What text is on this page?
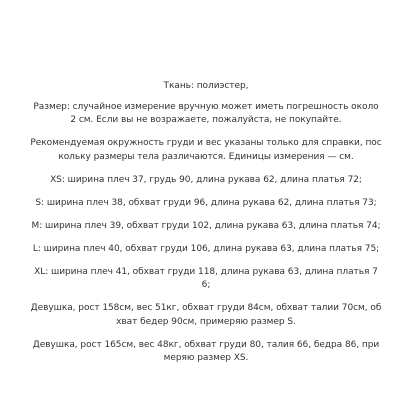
Ткань: полиэстер,

Размер: случайное измерение вручную может иметь погрешность около 2 см. Если вы не возражаете, пожалуйста, не покупайте.

Рекомендуемая окружность груди и вес указаны только для справки, поскольку размеры тела различаются. Единицы измерения — см.

XS: ширина плеч 37, грудь 90, длина рукава 62, длина платья 72;

S: ширина плеч 38, обхват груди 96, длина рукава 62, длина платья 73;

M: ширина плеч 39, обхват груди 102, длина рукава 63, длина платья 74;

L: ширина плеч 40, обхват груди 106, длина рукава 63, длина платья 75;

XL: ширина плеч 41, обхват груди 118, длина рукава 63, длина платья 76;

Девушка, рост 158см, вес 51кг, обхват груди 84см, обхват талии 70см, обхват бедер 90см, примеряю размер S.

Девушка, рост 165см, вес 48кг, обхват груди 80, талия 66, бедра 86, примеряю размер XS.
